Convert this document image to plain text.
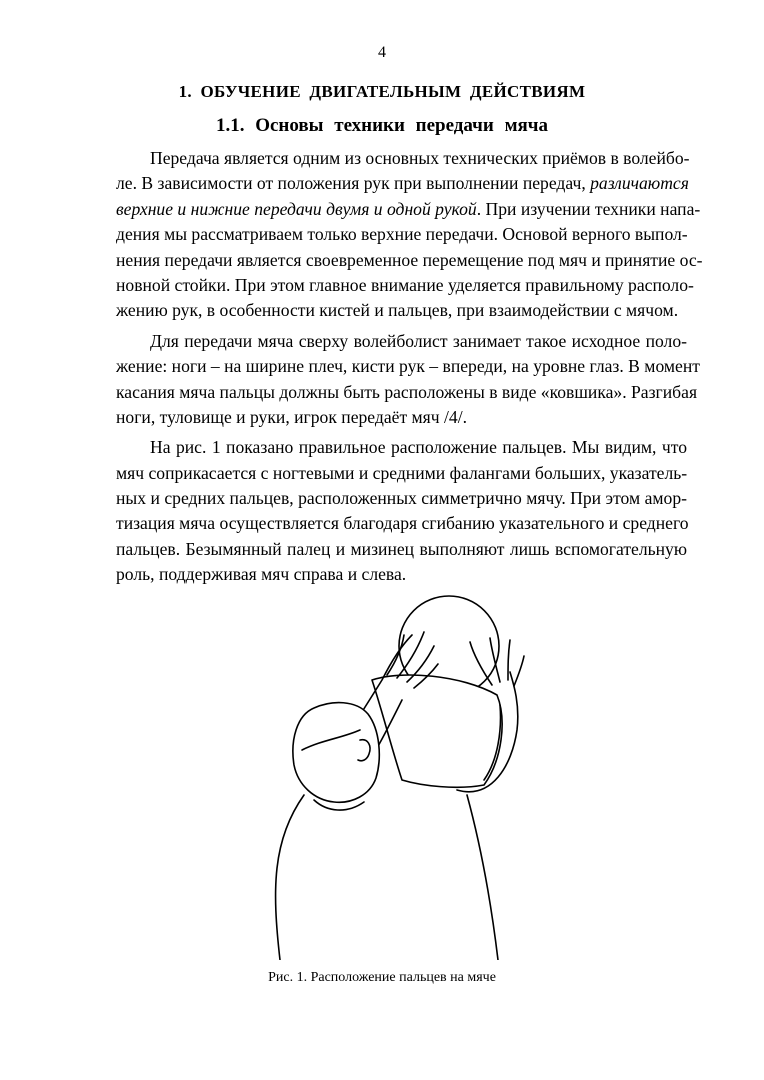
4
1. ОБУЧЕНИЕ ДВИГАТЕЛЬНЫМ ДЕЙСТВИЯМ
1.1. Основы техники передачи мяча
Передача является одним из основных технических приёмов в волейбо-
ле. В зависимости от положения рук при выполнении передач, различаются
верхние и нижние передачи двумя и одной рукой. При изучении техники напа-
дения мы рассматриваем только верхние передачи. Основой верного выпол-
нения передачи является своевременное перемещение под мяч и принятие ос-
новной стойки. При этом главное внимание уделяется правильному располо-
жению рук, в особенности кистей и пальцев, при взаимодействии с мячом.
Для передачи мяча сверху волейболист занимает такое исходное поло-
жение: ноги – на ширине плеч, кисти рук – впереди, на уровне глаз. В момент
касания мяча пальцы должны быть расположены в виде «ковшика». Разгибая
ноги, туловище и руки, игрок передаёт мяч /4/.
На рис. 1 показано правильное расположение пальцев. Мы видим, что
мяч соприкасается с ногтевыми и средними фалангами больших, указатель-
ных и средних пальцев, расположенных симметрично мячу. При этом амор-
тизация мяча осуществляется благодаря сгибанию указательного и среднего
пальцев. Безымянный палец и мизинец выполняют лишь вспомогательную
роль, поддерживая мяч справа и слева.
Рис. 1. Расположение пальцев на мяче
